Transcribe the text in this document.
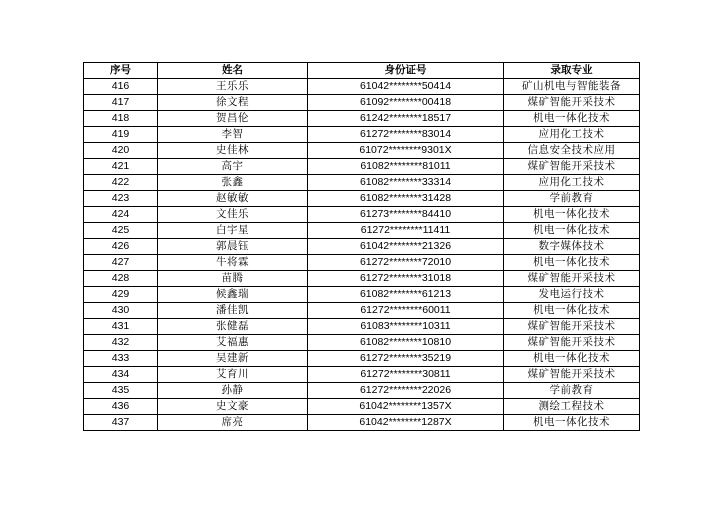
序号	姓名	身份证号	录取专业
416	王乐乐	61042********50414	矿山机电与智能装备
417	徐文程	61092********00418	煤矿智能开采技术
418	贺昌伦	61242********18517	机电一体化技术
419	李智	61272********83014	应用化工技术
420	史佳林	61072********9301X	信息安全技术应用
421	高宇	61082********81011	煤矿智能开采技术
422	张鑫	61082********33314	应用化工技术
423	赵敏敏	61082********31428	学前教育
424	文佳乐	61273********84410	机电一体化技术
425	白宇星	61272********11411	机电一体化技术
426	郭晨钰	61042********21326	数字媒体技术
427	牛将霖	61272********72010	机电一体化技术
428	苗腾	61272********31018	煤矿智能开采技术
429	候鑫瑞	61082********61213	发电运行技术
430	潘佳凯	61272********60011	机电一体化技术
431	张健磊	61083********10311	煤矿智能开采技术
432	艾福惠	61082********10810	煤矿智能开采技术
433	吴建新	61272********35219	机电一体化技术
434	艾育川	61272********30811	煤矿智能开采技术
435	孙静	61272********22026	学前教育
436	史文豪	61042********1357X	测绘工程技术
437	席亮	61042********1287X	机电一体化技术
